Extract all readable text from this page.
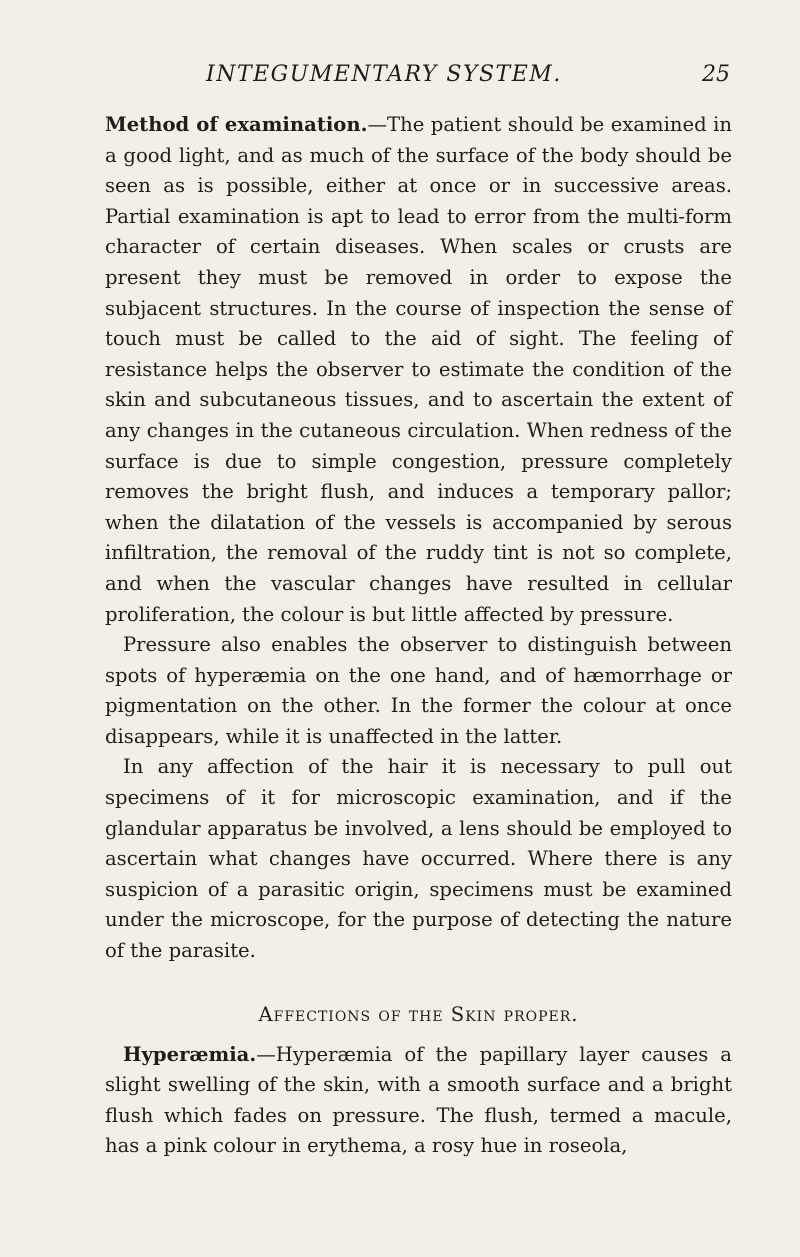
INTEGUMENTARY SYSTEM.	25

Method of examination.—The patient should be examined in a good light, and as much of the surface of the body should be seen as is possible, either at once or in successive areas. Partial examination is apt to lead to error from the multi-form character of certain diseases. When scales or crusts are present they must be removed in order to expose the subjacent structures. In the course of inspection the sense of touch must be called to the aid of sight. The feeling of resistance helps the observer to estimate the condition of the skin and subcutaneous tissues, and to ascertain the extent of any changes in the cutaneous circulation. When redness of the surface is due to simple congestion, pressure completely removes the bright flush, and induces a temporary pallor; when the dilatation of the vessels is accompanied by serous infiltration, the removal of the ruddy tint is not so complete, and when the vascular changes have resulted in cellular proliferation, the colour is but little affected by pressure.

Pressure also enables the observer to distinguish between spots of hyperæmia on the one hand, and of hæmorrhage or pigmentation on the other. In the former the colour at once disappears, while it is unaffected in the latter.

In any affection of the hair it is necessary to pull out specimens of it for microscopic examination, and if the glandular apparatus be involved, a lens should be employed to ascertain what changes have occurred. Where there is any suspicion of a parasitic origin, specimens must be examined under the microscope, for the purpose of detecting the nature of the parasite.

Affections of the Skin proper.

Hyperæmia.—Hyperæmia of the papillary layer causes a slight swelling of the skin, with a smooth surface and a bright flush which fades on pressure. The flush, termed a macule, has a pink colour in erythema, a rosy hue in roseola,
